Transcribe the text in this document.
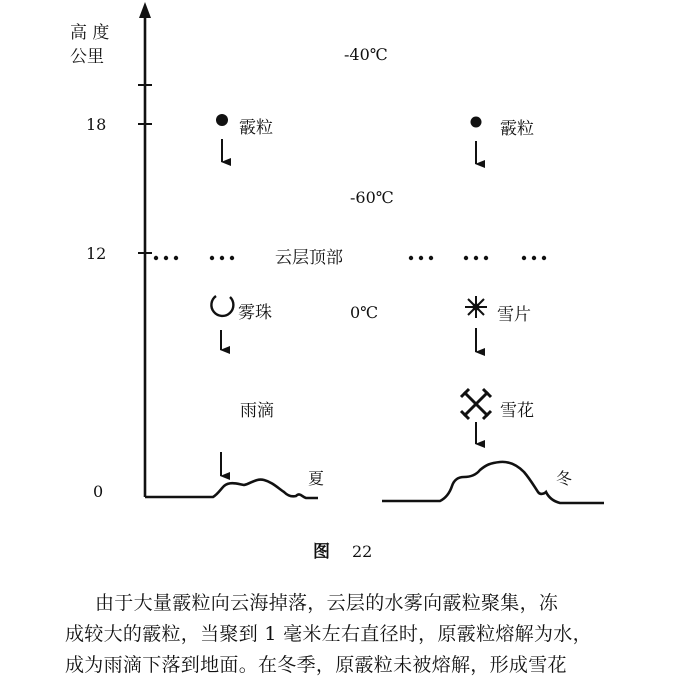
高 度
公里
18
12
0
-40℃
-60℃
0℃
霰粒
雾珠
雨滴
霰粒
雪片
雪花
云层顶部
夏	冬
图 22

由于大量霰粒向云海掉落，云层的水雾向霰粒聚集，冻

成较大的霰粒，当聚到 1 毫米左右直径时，原霰粒熔解为水，

成为雨滴下落到地面。在冬季，原霰粒未被熔解，形成雪花
